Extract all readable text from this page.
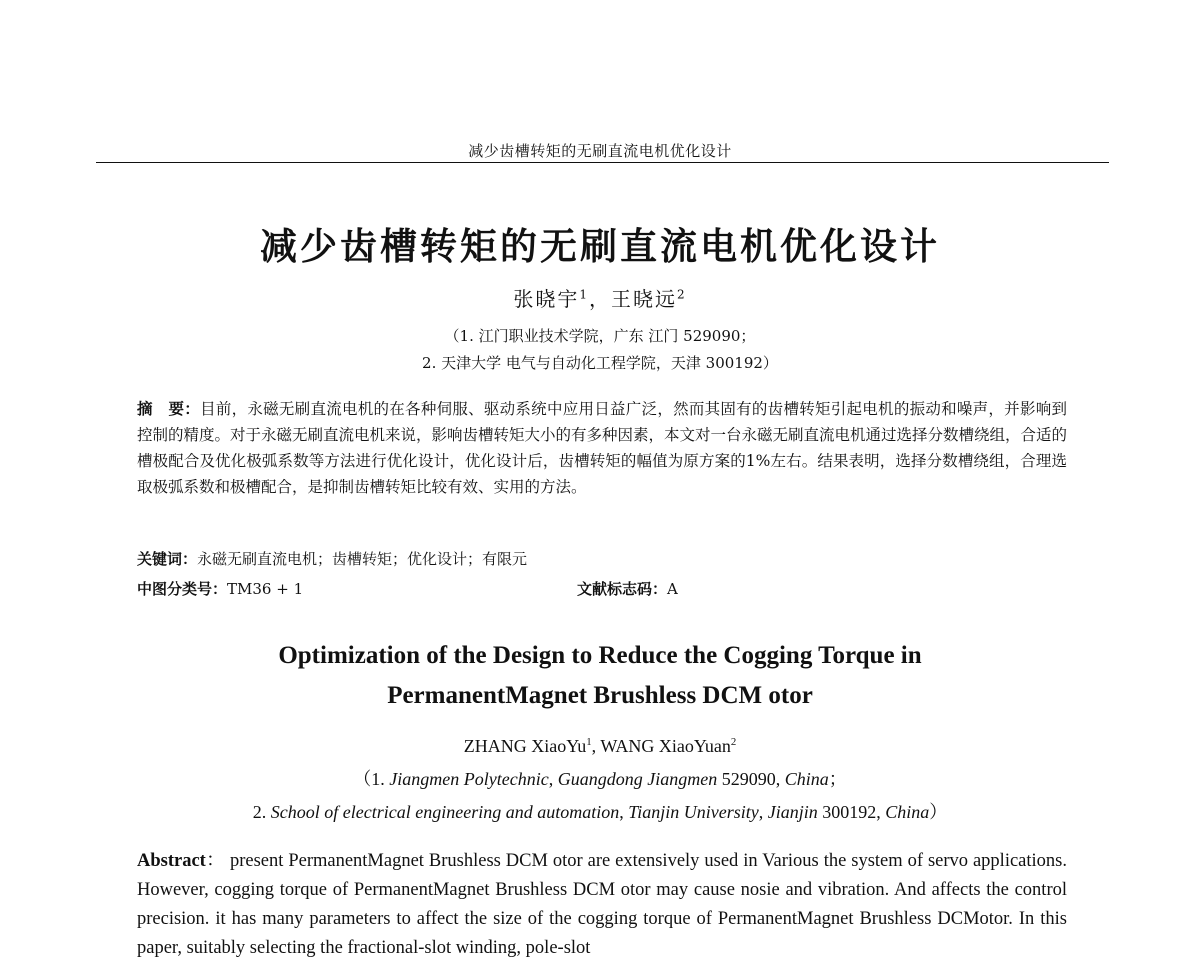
减少齿槽转矩的无刷直流电机优化设计
减少齿槽转矩的无刷直流电机优化设计
张晓宇$^1$，王晓远$^2$
（1. 江门职业技术学院，广东 江门 529090；
2. 天津大学 电气与自动化工程学院，天津 300192）
摘　要：目前，永磁无刷直流电机的在各种伺服、驱动系统中应用日益广泛，然而其固有的齿槽转矩引起电机的振动和噪声，并影响到控制的精度。对于永磁无刷直流电机来说，影响齿槽转矩大小的有多种因素，本文对一台永磁无刷直流电机通过选择分数槽绕组，合适的槽极配合及优化极弧系数等方法进行优化设计，优化设计后，齿槽转矩的幅值为原方案的1%左右。结果表明，选择分数槽绕组，合理选取极弧系数和极槽配合，是抑制齿槽转矩比较有效、实用的方法。
关键词：永磁无刷直流电机；齿槽转矩；优化设计；有限元
中图分类号：TM36 + 1	文献标志码：A
Optimization of the Design to Reduce the Cogging Torque in
PermanentMagnet Brushless DCM otor
ZHANG XiaoYu$^1$, WANG XiaoYuan$^2$
（1. Jiangmen Polytechnic, Guangdong Jiangmen 529090, China；
2. School of electrical engineering and automation, Tianjin University, Jianjin 300192, China）
Abstract： present PermanentMagnet Brushless DCM otor are extensively used in Various the system of servo applications. However, cogging torque of PermanentMagnet Brushless DCM otor may cause nosie and vibration. And affects the control precision. it has many parameters to affect the size of the cogging torque of PermanentMagnet Brushless DCMotor. In this paper, suitably selecting the fractional-slot winding, pole-slot
